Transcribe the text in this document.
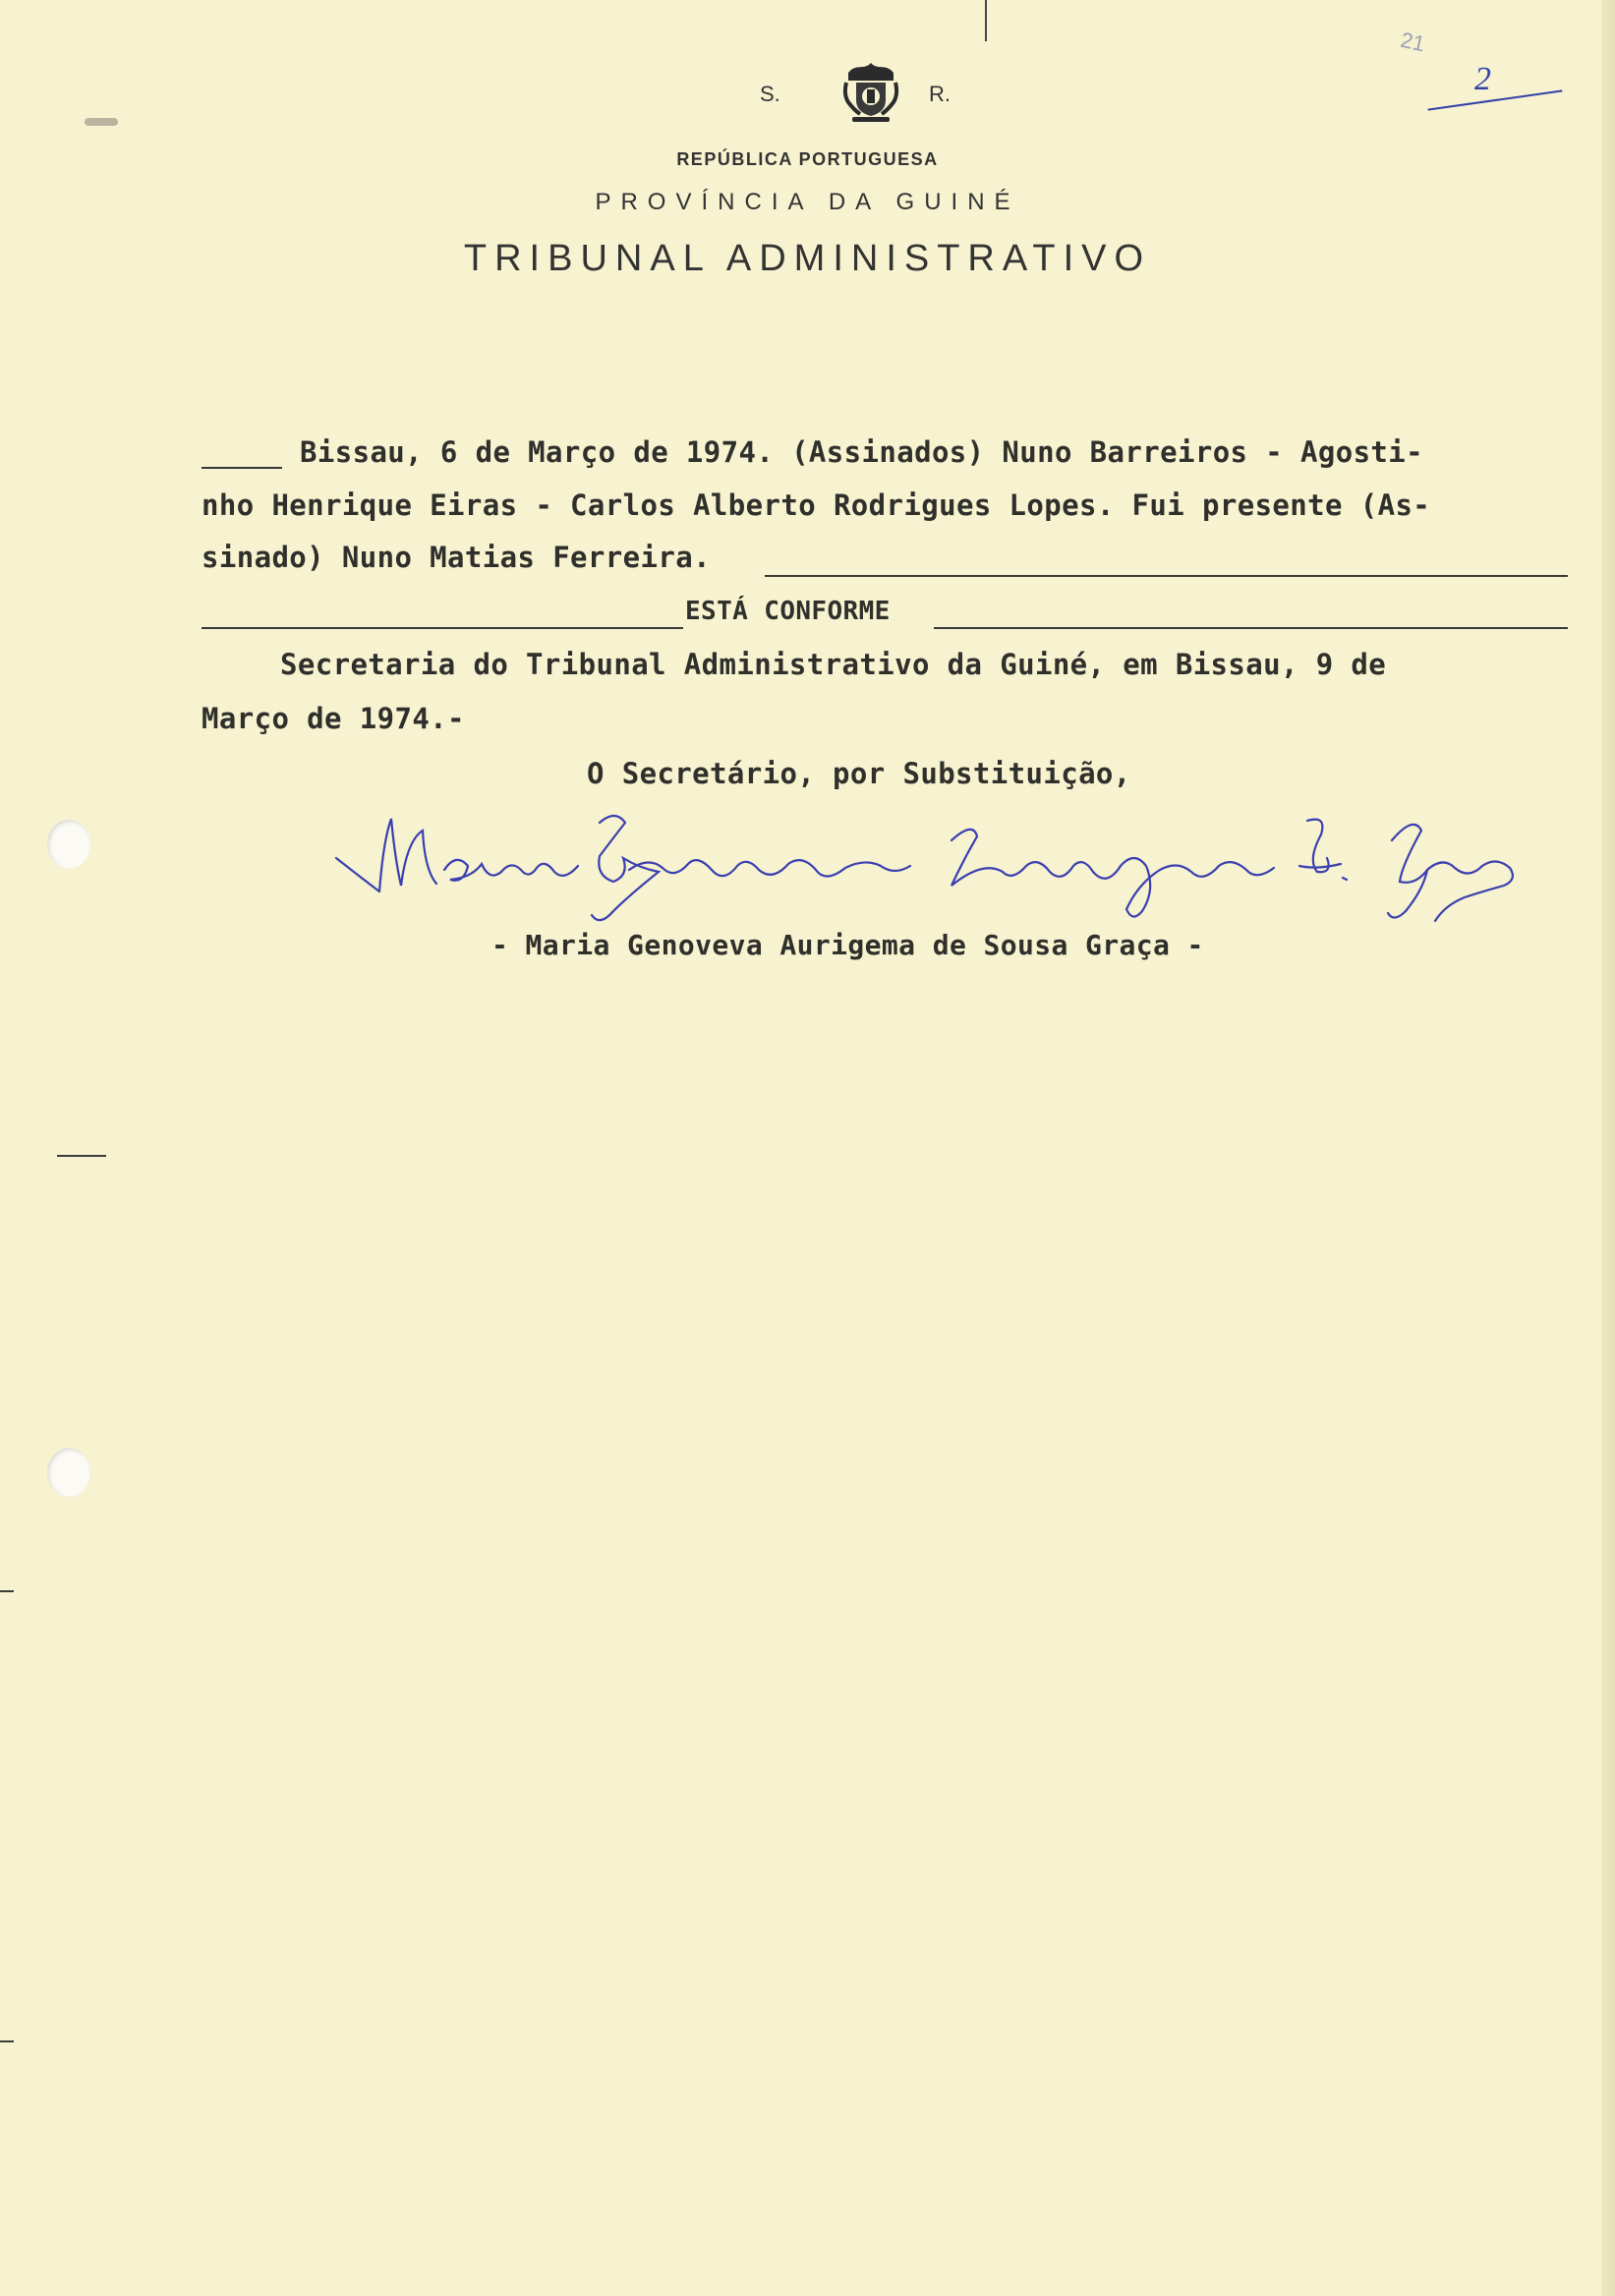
S.	R.
REPÚBLICA PORTUGUESA
PROVÍNCIA DA GUINÉ
TRIBUNAL ADMINISTRATIVO
21
2
Bissau, 6 de Março de 1974. (Assinados) Nuno Barreiros - Agosti-
nho Henrique Eiras - Carlos Alberto Rodrigues Lopes. Fui presente (As-
sinado) Nuno Matias Ferreira.
ESTÁ CONFORME
Secretaria do Tribunal Administrativo da Guiné, em Bissau, 9 de
Março de 1974.-
O Secretário, por Substituição,
- Maria Genoveva Aurigema de Sousa Graça -
